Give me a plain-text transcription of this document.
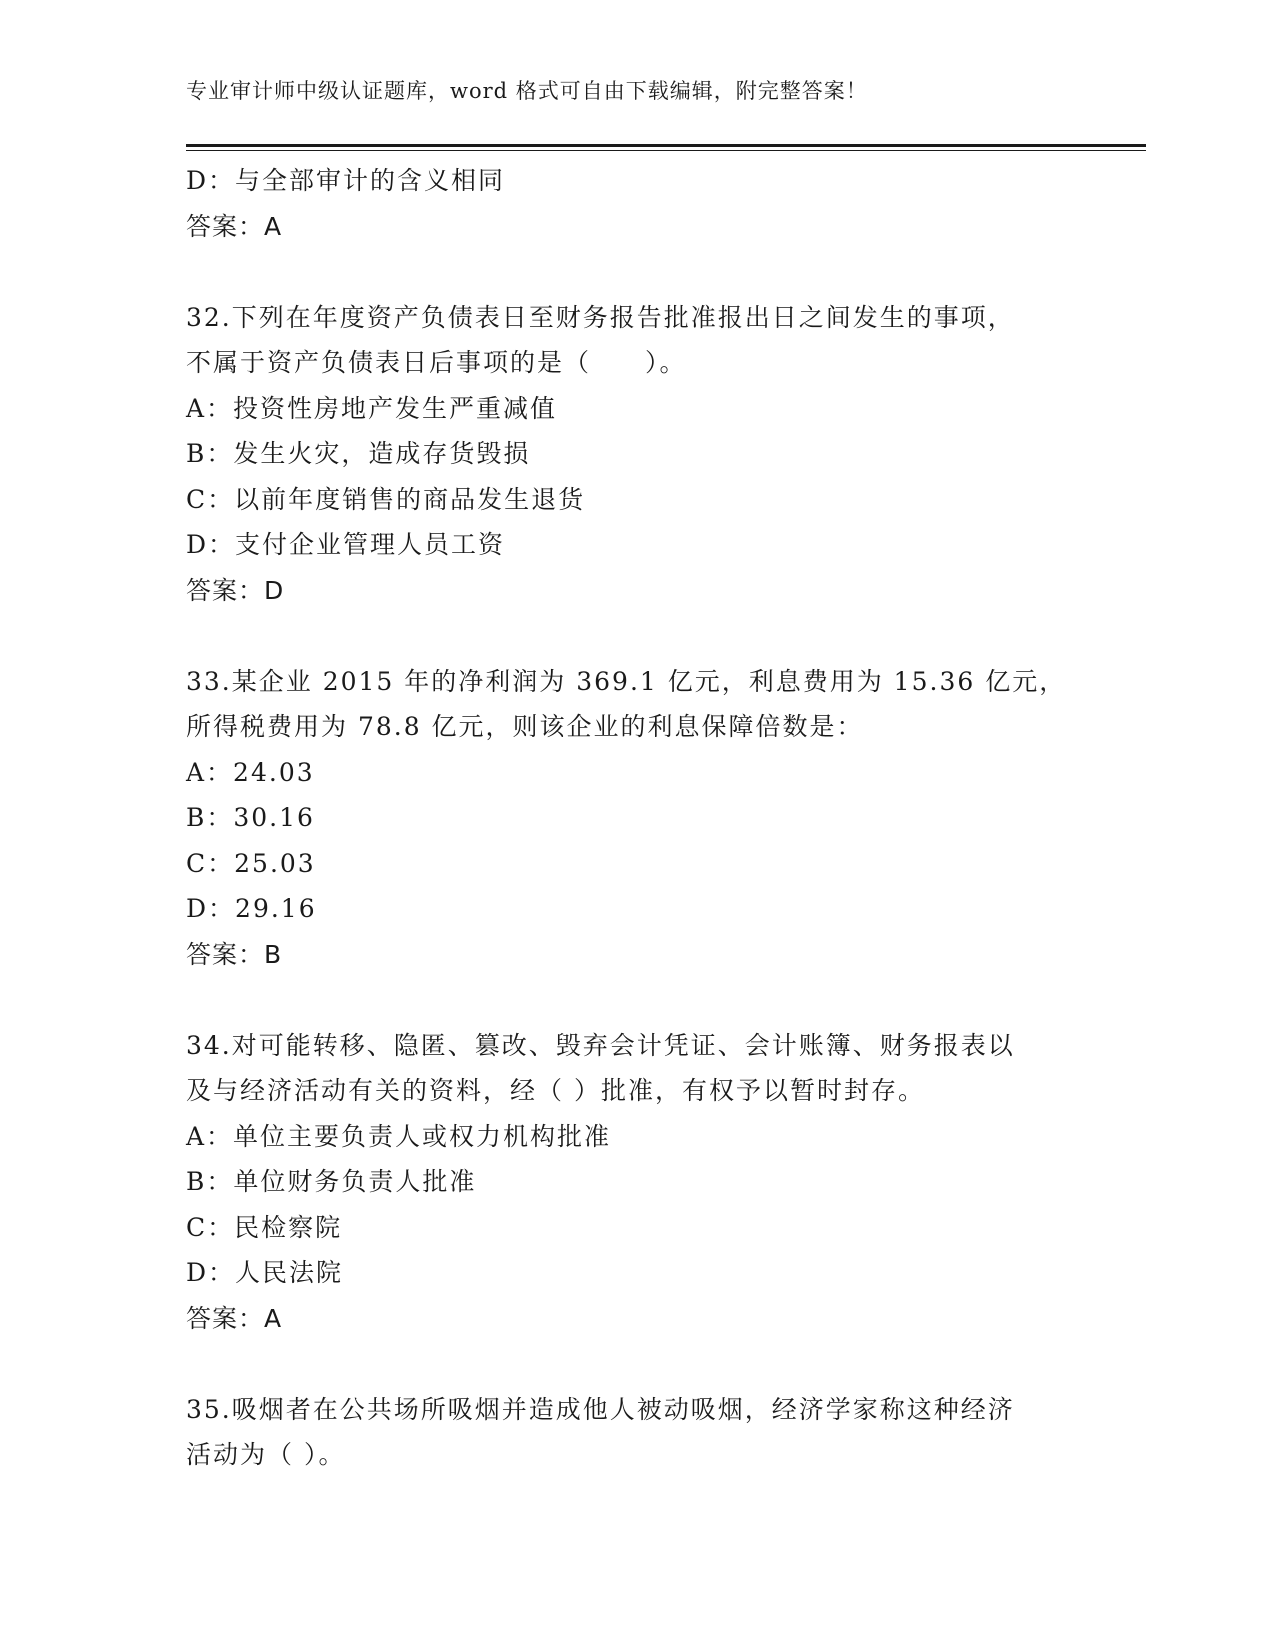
专业审计师中级认证题库，word 格式可自由下载编辑，附完整答案！
D：与全部审计的含义相同
答案：A
32.下列在年度资产负债表日至财务报告批准报出日之间发生的事项，
不属于资产负债表日后事项的是（　　）。
A：投资性房地产发生严重减值
B：发生火灾，造成存货毁损
C：以前年度销售的商品发生退货
D：支付企业管理人员工资
答案：D
33.某企业 2015 年的净利润为 369.1 亿元，利息费用为 15.36 亿元，
所得税费用为 78.8 亿元，则该企业的利息保障倍数是：
A：24.03
B：30.16
C：25.03
D：29.16
答案：B
34.对可能转移、隐匿、篡改、毁弃会计凭证、会计账簿、财务报表以
及与经济活动有关的资料，经（ ）批准，有权予以暂时封存。
A：单位主要负责人或权力机构批准
B：单位财务负责人批准
C：民检察院
D：人民法院
答案：A
35.吸烟者在公共场所吸烟并造成他人被动吸烟，经济学家称这种经济
活动为（ ）。
